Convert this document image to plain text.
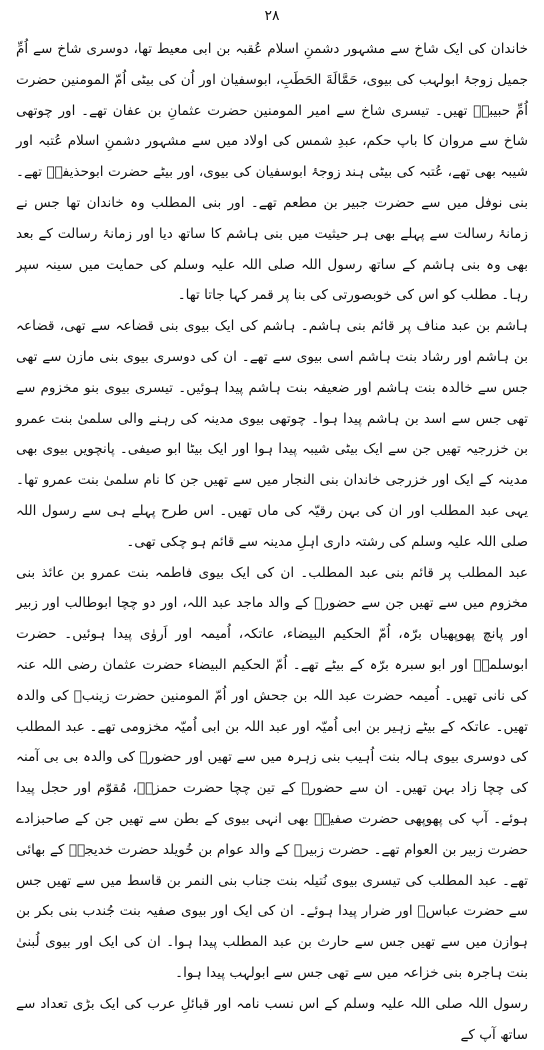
۲۸

خاندان کی ایک شاخ سے مشہور دشمنِ اسلام عُقبہ بن ابی معیط تھا، دوسری شاخ سے اُمِّ جمیل زوجۂ ابولہب کی بیوی، حَمَّالَةَ الحَطَبِ، ابوسفیان اور اُن کی بیٹی اُمّ المومنین حضرت اُمِّ حبیبہؓ تھیں۔ تیسری شاخ سے امیر المومنین حضرت عثمانِ بن عفان تھے۔ اور چوتھی شاخ سے مروان کا باپ حکم، عبدِ شمس کی اولاد میں سے مشہور دشمنِ اسلام عُتبہ اور شیبہ بھی تھے، عُتبہ کی بیٹی ہند زوجۂ ابوسفیان کی بیوی، اور بیٹے حضرت ابوحذیفہؓ تھے۔ بنی نوفل میں سے حضرت جبیر بن مطعم تھے۔ اور بنی المطلب وہ خاندان تھا جس نے زمانۂ رسالت سے پہلے بھی ہر حیثیت میں بنی ہاشم کا ساتھ دیا اور زمانۂ رسالت کے بعد بھی وہ بنی ہاشم کے ساتھ رسول اللہ صلی اللہ علیہ وسلم کی حمایت میں سینہ سپر رہا۔ مطلب کو اس کی خوبصورتی کی بنا پر قمر کہا جاتا تھا۔

ہاشم بن عبد مناف پر قائم بنی ہاشم۔ ہاشم کی ایک بیوی بنی قضاعہ سے تھی، قضاعہ بن ہاشم اور رشاد بنت ہاشم اسی بیوی سے تھے۔ ان کی دوسری بیوی بنی مازن سے تھی جس سے خالدہ بنت ہاشم اور ضعیفہ بنت ہاشم پیدا ہوئیں۔ تیسری بیوی بنو مخزوم سے تھی جس سے اسد بن ہاشم پیدا ہوا۔ چوتھی بیوی مدینہ کی رہنے والی سلمیٰ بنت عمرو بن خزرجیہ تھیں جن سے ایک بیٹی شیبہ پیدا ہوا اور ایک بیٹا ابو صیفی۔ پانچویں بیوی بھی مدینہ کے ایک اور خزرجی خاندان بنی النجار میں سے تھیں جن کا نام سلمیٰ بنت عمرو تھا۔ یہی عبد المطلب اور ان کی بہن رقیّہ کی ماں تھیں۔ اس طرح پہلے ہی سے رسول اللہ صلی اللہ علیہ وسلم کی رشتہ داری اہلِ مدینہ سے قائم ہو چکی تھی۔

عبد المطلب پر قائم بنی عبد المطلب۔ ان کی ایک بیوی فاطمہ بنت عمرو بن عائذ بنی مخزوم میں سے تھیں جن سے حضورؐ کے والد ماجد عبد اللہ، اور دو چچا ابوطالب اور زبیر اور پانچ پھوپھیاں برّہ، اُمّ الحکیم البیضاء، عاتکہ، اُمیمہ اور اَروٰی پیدا ہوئیں۔ حضرت ابوسلمہؓ اور ابو سبرہ برّہ کے بیٹے تھے۔ اُمّ الحکیم البیضاء حضرت عثمان رضی اللہ عنہ کی نانی تھیں۔ اُمیمہ حضرت عبد اللہ بن جحش اور اُمّ المومنین حضرت زینبؓ کی والدہ تھیں۔ عاتکہ کے بیٹے زہیر بن ابی اُمیّہ اور عبد اللہ بن ابی اُمیّہ مخزومی تھے۔ عبد المطلب کی دوسری بیوی ہالہ بنت اُہیب بنی زہرہ میں سے تھیں اور حضورؐ کی والدہ بی بی آمنہ کی چچا زاد بہن تھیں۔ ان سے حضورؐ کے تین چچا حضرت حمزہؓ، مُقوّم اور حجل پیدا ہوئے۔ آپ کی پھوپھی حضرت صفیہؓ بھی انہی بیوی کے بطن سے تھیں جن کے صاحبزادے حضرت زبیر بن العوام تھے۔ حضرت زبیرؓ کے والد عوام بن خُویلد حضرت خدیجہؓ کے بھائی تھے۔ عبد المطلب کی تیسری بیوی نُتیلہ بنت جناب بنی النمر بن قاسط میں سے تھیں جس سے حضرت عباسؓ اور ضرار پیدا ہوئے۔ ان کی ایک اور بیوی صفیہ بنت جُندب بنی بکر بن ہوازن میں سے تھیں جس سے حارث بن عبد المطلب پیدا ہوا۔ ان کی ایک اور بیوی لُبنیٰ بنت ہاجرہ بنی خزاعہ میں سے تھی جس سے ابولہب پیدا ہوا۔

رسول اللہ صلی اللہ علیہ وسلم کے اس نسب نامہ اور قبائلِ عرب کی ایک بڑی تعداد سے ساتھ آپ کے
